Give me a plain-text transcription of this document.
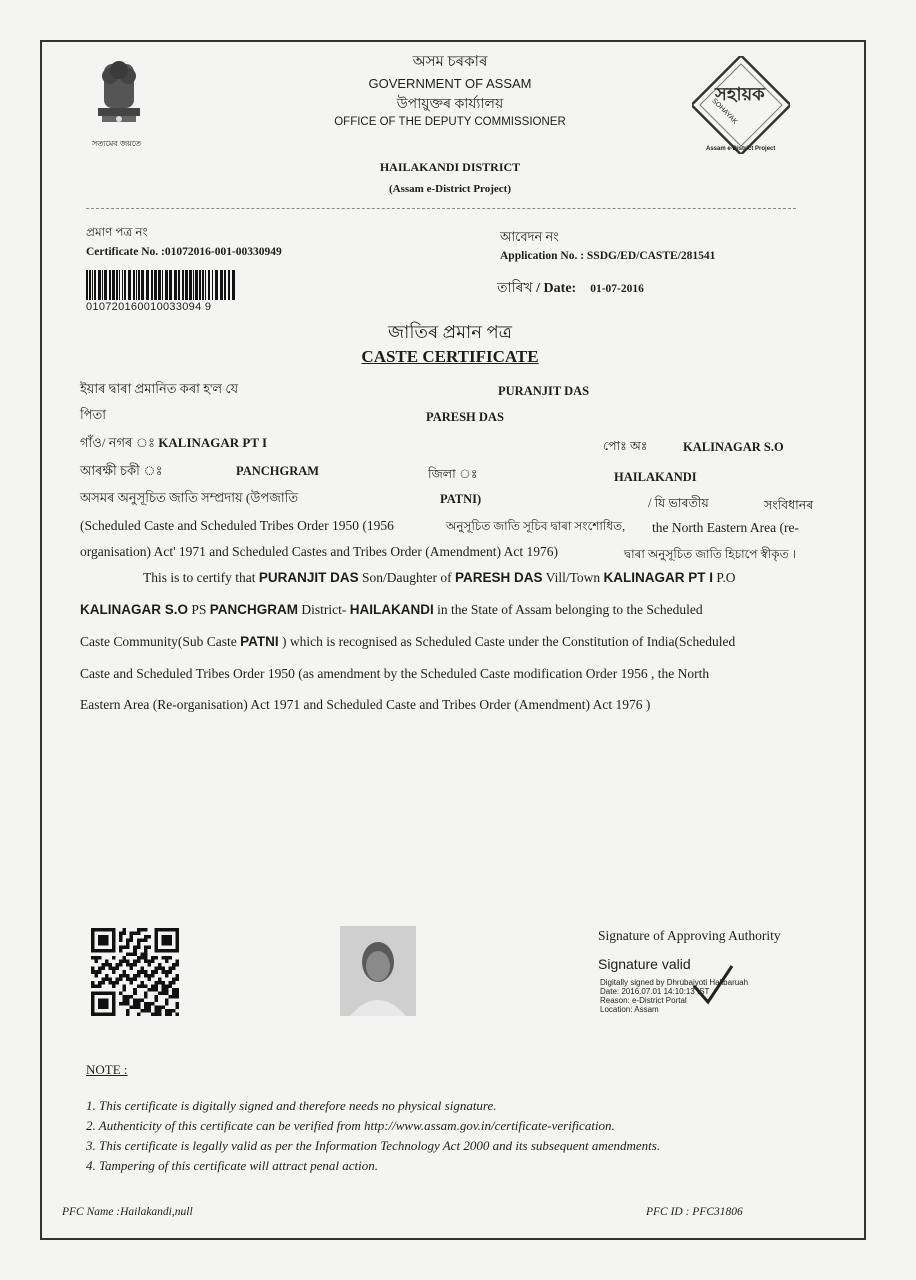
সত্যমেব জয়তে
সহায়ক
SOHAYAK
Assam e-District Project
অসম চৰকাৰ
GOVERNMENT OF ASSAM
উপায়ুক্তৰ কাৰ্য্যালয়
OFFICE OF THE DEPUTY COMMISSIONER
HAILAKANDI DISTRICT
(Assam e-District Project)
প্ৰমাণ পত্ৰ নং
Certificate No. :01072016-001-00330949
010720160010033094 9
আবেদন নং
Application No. : SSDG/ED/CASTE/281541
তাৰিখ / Date: 01-07-2016
জাতিৰ প্ৰমান পত্ৰ
CASTE CERTIFICATE
ইয়াৰ দ্বাৰা প্ৰমানিত কৰা হ'ল যে	PURANJIT DAS
পিতা	PARESH DAS
গাঁও/ নগৰ ঃ KALINAGAR PT I	পোঃ অঃ	KALINAGAR S.O
আৰক্ষী চকী ঃ	PANCHGRAM	জিলা ঃ	HAILAKANDI
অসমৰ অনুসূচিত জাতি সম্প্ৰদায় (উপজাতি	PATNI)	/ যি ভাৰতীয়	সংবিধানৰ
(Scheduled Caste and Scheduled Tribes Order 1950 (1956	অনুসূচিত জাতি সূচিব দ্বাৰা সংশোধিত, the North Eastern Area (re-
organisation) Act' 1971 and Scheduled Castes and Tribes Order (Amendment) Act 1976)	দ্বাৰা অনুসূচিত জাতি হিচাপে স্বীকৃত ।
This is to certify that PURANJIT DAS Son/Daughter of PARESH DAS Vill/Town KALINAGAR PT I P.O
KALINAGAR S.O PS PANCHGRAM District- HAILAKANDI in the State of Assam belonging to the Scheduled
Caste Community(Sub Caste PATNI ) which is recognised as Scheduled Caste under the Constitution of India(Scheduled
Caste and Scheduled Tribes Order 1950 (as amendment by the Scheduled Caste modification Order 1956 , the North
Eastern Area (Re-organisation) Act 1971 and Scheduled Caste and Tribes Order (Amendment) Act 1976 )
Signature of Approving Authority
Signature valid
Digitally signed by Dhrubajyoti Halibaruah
Date: 2016.07.01 14:10:13 IST
Reason: e-District Portal
Location: Assam
NOTE :
1. This certificate is digitally signed and therefore needs no physical signature.
2. Authenticity of this certificate can be verified from http://www.assam.gov.in/certificate-verification.
3. This certificate is legally valid as per the Information Technology Act 2000 and its subsequent amendments.
4. Tampering of this certificate will attract penal action.
PFC Name :Hailakandi,null	PFC ID : PFC31806
